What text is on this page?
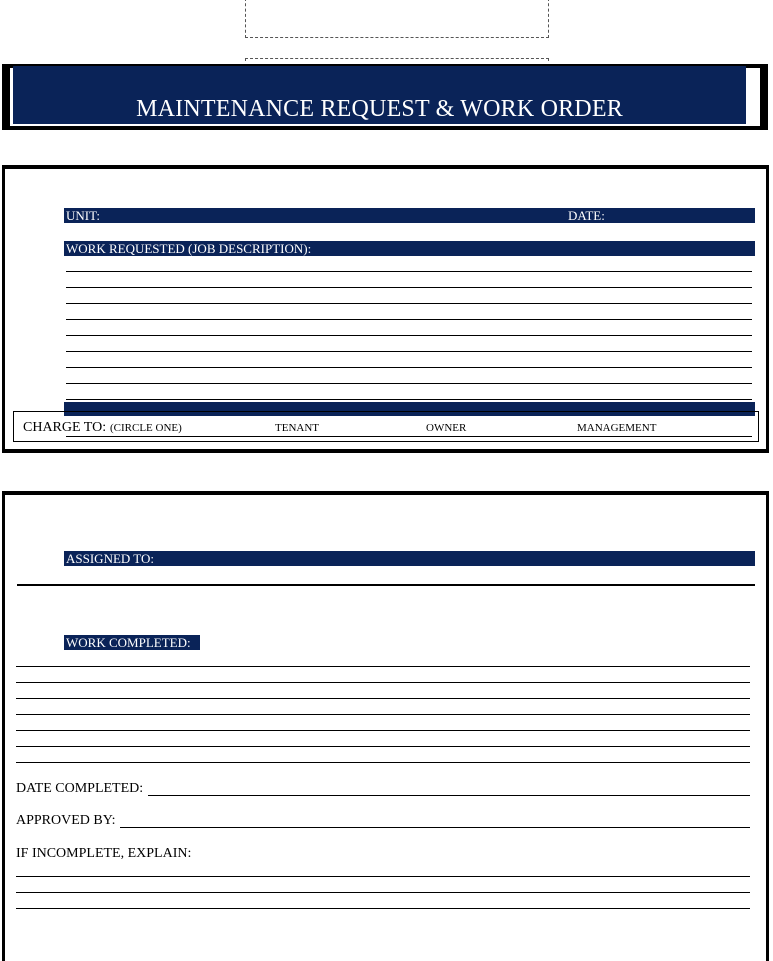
MAINTENANCE REQUEST & WORK ORDER
UNIT:	DATE:
WORK REQUESTED (JOB DESCRIPTION):
CHARGE TO: (CIRCLE ONE)	TENANT	OWNER	MANAGEMENT
ASSIGNED TO:
WORK COMPLETED:
DATE COMPLETED:
APPROVED BY:
IF INCOMPLETE, EXPLAIN:
